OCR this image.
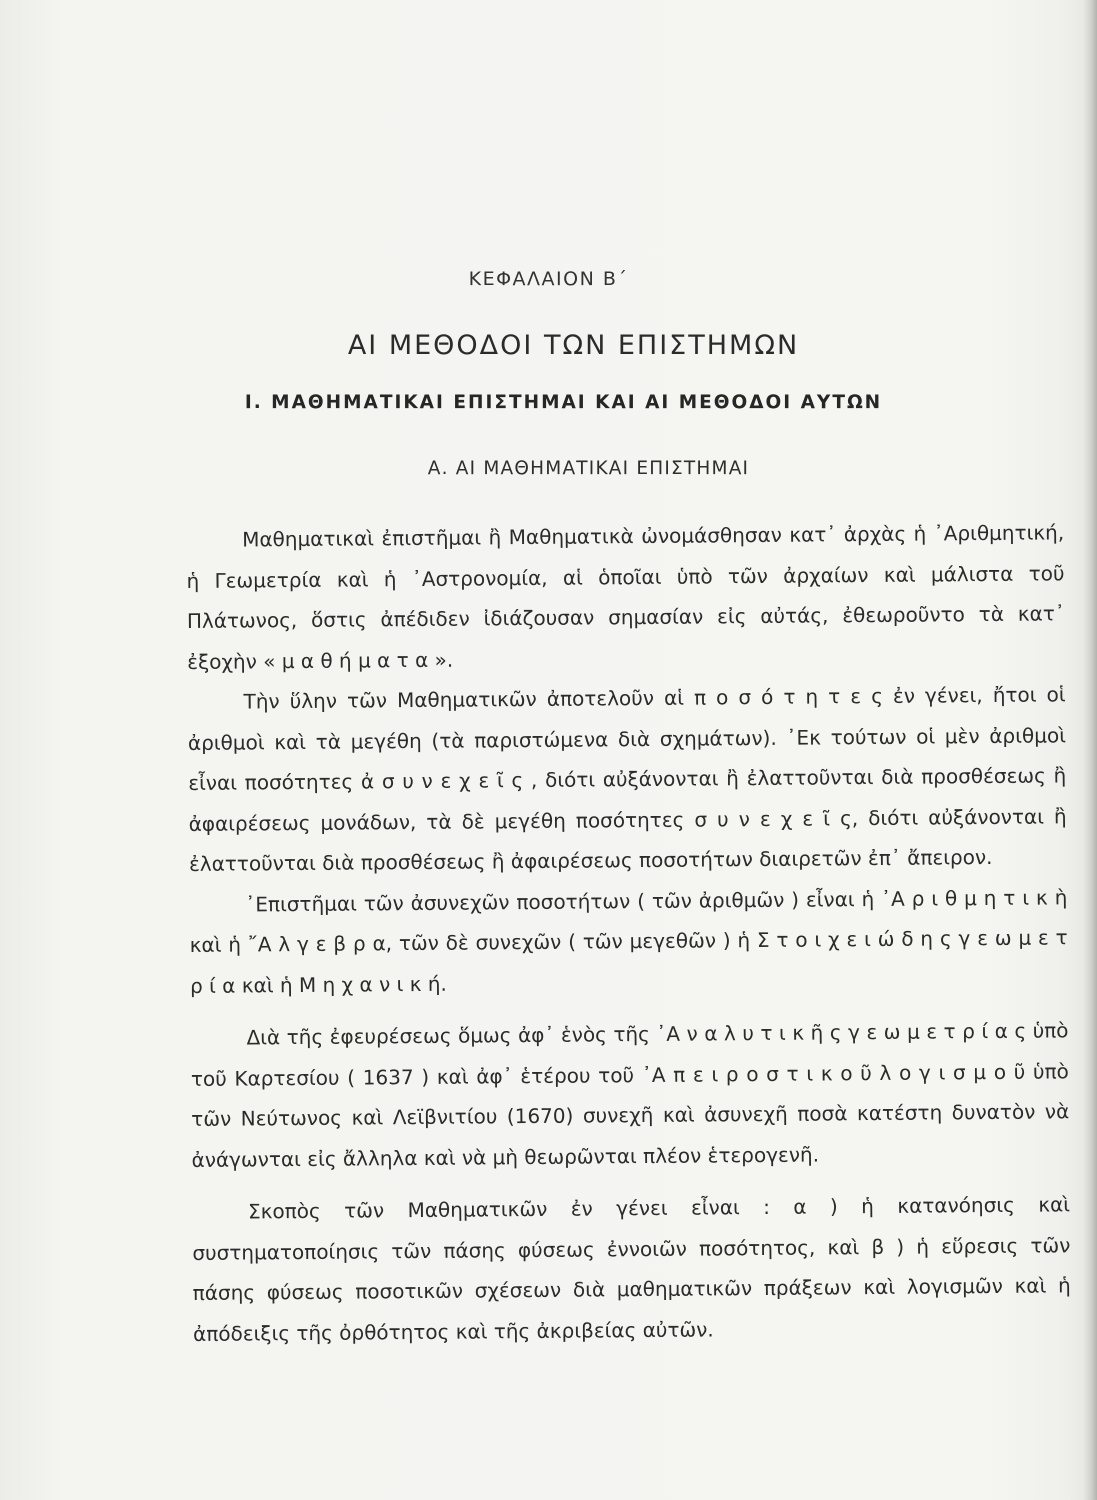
ΚΕΦΑΛΑΙΟΝ Β΄
ΑΙ ΜΕΘΟΔΟΙ ΤΩΝ ΕΠΙΣΤΗΜΩΝ
Ι. ΜΑΘΗΜΑΤΙΚΑΙ ΕΠΙΣΤΗΜΑΙ ΚΑΙ ΑΙ ΜΕΘΟΔΟΙ ΑΥΤΩΝ
Α. ΑΙ ΜΑΘΗΜΑΤΙΚΑΙ ΕΠΙΣΤΗΜΑΙ

Μαθηματικαὶ ἐπιστῆμαι ἢ Μαθηματικὰ ὠνομάσθησαν κατ᾽ ἀρχὰς ἡ ᾽Αριθμητική, ἡ Γεωμετρία καὶ ἡ ᾽Αστρονομία, αἱ ὁποῖαι ὑπὸ τῶν ἀρχαίων καὶ μάλιστα τοῦ Πλάτωνος, ὅστις ἀπέδιδεν ἰδιάζουσαν σημασίαν εἰς αὐτάς, ἐθεωροῦντο τὰ κατ᾽ ἐξοχὴν « μ α θ ή μ α τ α ».

Τὴν ὕλην τῶν Μαθηματικῶν ἀποτελοῦν αἱ π ο σ ό τ η τ ε ς ἐν γένει, ἤτοι οἱ ἀριθμοὶ καὶ τὰ μεγέθη (τὰ παριστώμενα διὰ σχημάτων). ᾽Εκ τούτων οἱ μὲν ἀριθμοὶ εἶναι ποσότητες ἀ σ υ ν ε χ ε ῖ ς , διότι αὐξάνονται ἢ ἐλαττοῦνται διὰ προσθέσεως ἢ ἀφαιρέσεως μονάδων, τὰ δὲ μεγέθη ποσότητες σ υ ν ε χ ε ῖ ς, διότι αὐξάνονται ἢ ἐλαττοῦνται διὰ προσθέσεως ἢ ἀφαιρέσεως ποσοτήτων διαιρετῶν ἐπ᾽ ἄπειρον.

᾽Επιστῆμαι τῶν ἀσυνεχῶν ποσοτήτων ( τῶν ἀριθμῶν ) εἶναι ἡ ᾽Α ρ ι θ μ η τ ι κ ὴ καὶ ἡ ῎Α λ γ ε β ρ α, τῶν δὲ συνεχῶν ( τῶν μεγεθῶν ) ἡ Σ τ ο ι χ ε ι ώ δ η ς γ ε ω μ ε τ ρ ί α καὶ ἡ Μ η χ α ν ι κ ή.

Διὰ τῆς ἐφευρέσεως ὅμως ἀφ᾽ ἑνὸς τῆς ᾽Α ν α λ υ τ ι κ ῆ ς γ ε ω μ ε τ ρ ί α ς ὑπὸ τοῦ Καρτεσίου ( 1637 ) καὶ ἀφ᾽ ἑτέρου τοῦ ᾽Α π ε ι ρ ο σ τ ι κ ο ῦ λ ο γ ι σ μ ο ῦ ὑπὸ τῶν Νεύτωνος καὶ Λεϊβνιτίου (1670) συνεχῆ καὶ ἀσυνεχῆ ποσὰ κατέστη δυνατὸν νὰ ἀνάγωνται εἰς ἄλληλα καὶ νὰ μὴ θεωρῶνται πλέον ἑτερογενῆ.

Σκοπὸς τῶν Μαθηματικῶν ἐν γένει εἶναι : α ) ἡ κατανόησις καὶ συστηματοποίησις τῶν πάσης φύσεως ἐννοιῶν ποσότητος, καὶ β ) ἡ εὕρεσις τῶν πάσης φύσεως ποσοτικῶν σχέσεων διὰ μαθηματικῶν πράξεων καὶ λογισμῶν καὶ ἡ ἀπόδειξις τῆς ὀρθότητος καὶ τῆς ἀκριβείας αὐτῶν.
